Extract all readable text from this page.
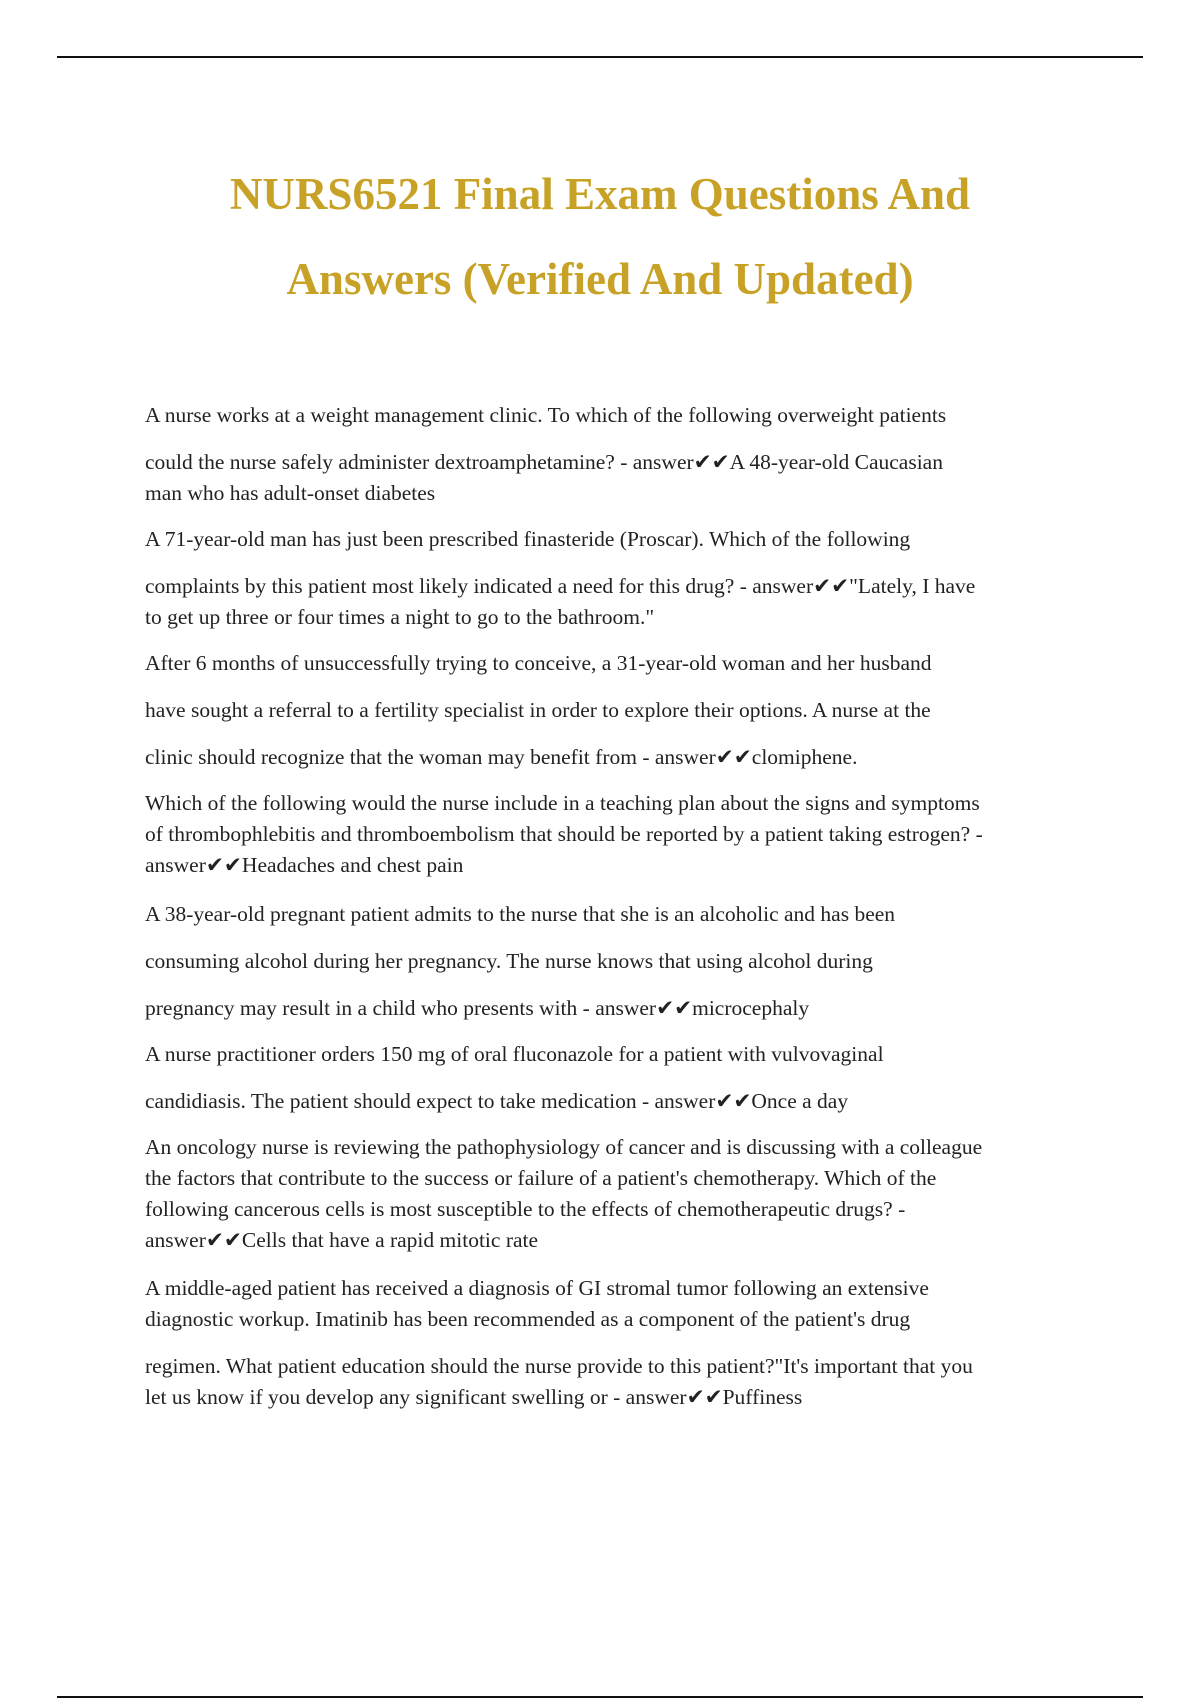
NURS6521 Final Exam Questions And
Answers (Verified And Updated)
A nurse works at a weight management clinic. To which of the following overweight patients
could the nurse safely administer dextroamphetamine? - answer✔✔A 48-year-old Caucasian
man who has adult-onset diabetes
A 71-year-old man has just been prescribed finasteride (Proscar). Which of the following
complaints by this patient most likely indicated a need for this drug? - answer✔✔"Lately, I have
to get up three or four times a night to go to the bathroom."
After 6 months of unsuccessfully trying to conceive, a 31-year-old woman and her husband
have sought a referral to a fertility specialist in order to explore their options. A nurse at the
clinic should recognize that the woman may benefit from - answer✔✔clomiphene.
Which of the following would the nurse include in a teaching plan about the signs and symptoms
of thrombophlebitis and thromboembolism that should be reported by a patient taking estrogen? -
answer✔✔Headaches and chest pain
A 38-year-old pregnant patient admits to the nurse that she is an alcoholic and has been
consuming alcohol during her pregnancy. The nurse knows that using alcohol during
pregnancy may result in a child who presents with - answer✔✔microcephaly
A nurse practitioner orders 150 mg of oral fluconazole for a patient with vulvovaginal
candidiasis. The patient should expect to take medication - answer✔✔Once a day
An oncology nurse is reviewing the pathophysiology of cancer and is discussing with a colleague
the factors that contribute to the success or failure of a patient's chemotherapy. Which of the
following cancerous cells is most susceptible to the effects of chemotherapeutic drugs? -
answer✔✔Cells that have a rapid mitotic rate
A middle-aged patient has received a diagnosis of GI stromal tumor following an extensive
diagnostic workup. Imatinib has been recommended as a component of the patient's drug
regimen. What patient education should the nurse provide to this patient?"It's important that you
let us know if you develop any significant swelling or - answer✔✔Puffiness
